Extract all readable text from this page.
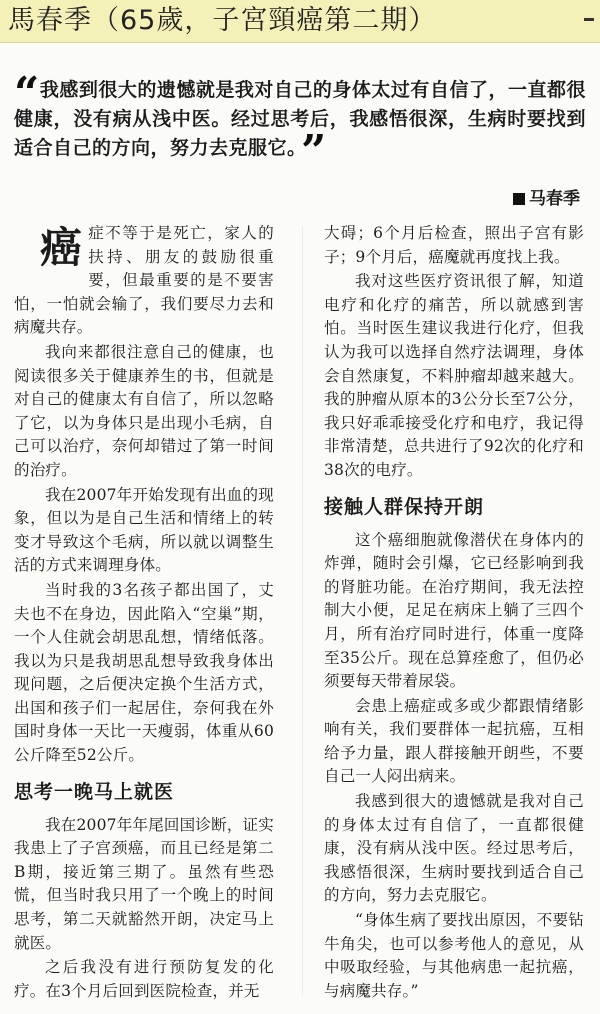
馬春季（65歲，子宮頸癌第二期）

“我感到很大的遗憾就是我对自己的身体太过有自信了，一直都很健康，没有病从浅中医。经过思考后，我感悟很深，生病时要找到适合自己的方向，努力去克服它。”

马春季

癌症不等于是死亡，家人的扶持、朋友的鼓励很重要，但最重要的是不要害怕，一怕就会输了，我们要尽力去和病魔共存。

我向来都很注意自己的健康，也阅读很多关于健康养生的书，但就是对自己的健康太有自信了，所以忽略了它，以为身体只是出现小毛病，自己可以治疗，奈何却错过了第一时间的治疗。

我在2007年开始发现有出血的现象，但以为是自己生活和情绪上的转变才导致这个毛病，所以就以调整生活的方式来调理身体。

当时我的3名孩子都出国了，丈夫也不在身边，因此陷入“空巢”期，一个人住就会胡思乱想，情绪低落。我以为只是我胡思乱想导致我身体出现问题，之后便决定换个生活方式，出国和孩子们一起居住，奈何我在外国时身体一天比一天瘦弱，体重从60公斤降至52公斤。

思考一晚马上就医

我在2007年年尾回国诊断，证实我患上了子宫颈癌，而且已经是第二B期，接近第三期了。虽然有些恐慌，但当时我只用了一个晚上的时间思考，第二天就豁然开朗，决定马上就医。

之后我没有进行预防复发的化疗。在3个月后回到医院检查，并无

大碍；6个月后检查，照出子宫有影子；9个月后，癌魔就再度找上我。

我对这些医疗资讯很了解，知道电疗和化疗的痛苦，所以就感到害怕。当时医生建议我进行化疗，但我认为我可以选择自然疗法调理，身体会自然康复，不料肿瘤却越来越大。我的肿瘤从原本的3公分长至7公分，我只好乖乖接受化疗和电疗，我记得非常清楚，总共进行了92次的化疗和38次的电疗。

接触人群保持开朗

这个癌细胞就像潜伏在身体内的炸弹，随时会引爆，它已经影响到我的肾脏功能。在治疗期间，我无法控制大小便，足足在病床上躺了三四个月，所有治疗同时进行，体重一度降至35公斤。现在总算痊愈了，但仍必须要每天带着尿袋。

会患上癌症或多或少都跟情绪影响有关，我们要群体一起抗癌，互相给予力量，跟人群接触开朗些，不要自己一人闷出病来。

我感到很大的遗憾就是我对自己的身体太过有自信了，一直都很健康，没有病从浅中医。经过思考后，我感悟很深，生病时要找到适合自己的方向，努力去克服它。

“身体生病了要找出原因，不要钻牛角尖，也可以参考他人的意见，从中吸取经验，与其他病患一起抗癌，与病魔共存。”
